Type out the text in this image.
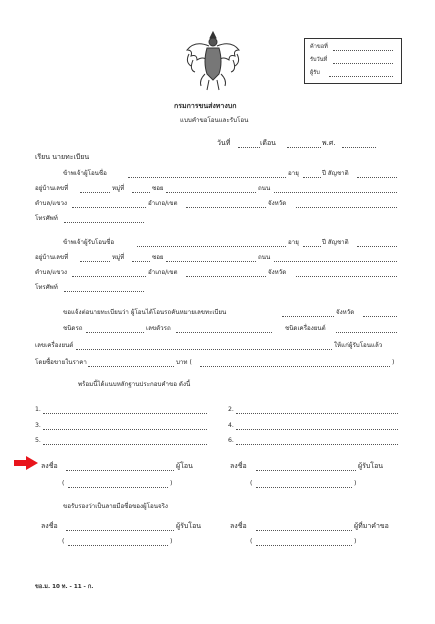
ค้าขอที่
รับวันที่
ผู้รับ
กรมการขนส่งทางบก
แบบคำขอโอนและรับโอน
วันที่	เดือน	พ.ศ.
เรียน นายทะเบียน
ข้าพเจ้าผู้โอนชื่อ	อายุ	ปี สัญชาติ
อยู่บ้านเลขที่	หมู่ที่	ซอย	ถนน
ตำบล/แขวง	อำเภอ/เขต	จังหวัด
โทรศัพท์
ข้าพเจ้าผู้รับโอนชื่อ	อายุ	ปี สัญชาติ
อยู่บ้านเลขที่	หมู่ที่	ซอย	ถนน
ตำบล/แขวง	อำเภอ/เขต	จังหวัด
โทรศัพท์
ขอแจ้งต่อนายทะเบียนว่า ผู้โอนได้โอนรถคันหมายเลขทะเบียน	จังหวัด
ชนิดรถ	เลขตัวรถ	ชนิดเครื่องยนต์
เลขเครื่องยนต์	ให้แก่ผู้รับโอนแล้ว
โดยซื้อขายในราคา	บาท (	)
พร้อมนี้ได้แนบหลักฐานประกอบคำขอ ดังนี้
1.	2.
3.	4.
5.	6.
ลงชื่อ	ผู้โอน	ลงชื่อ	ผู้รับโอน
(	)	(	)
ขอรับรองว่าเป็นลายมือชื่อของผู้โอนจริง
ลงชื่อ	ผู้รับโอน	ลงชื่อ	ผู้ที่มาคำขอ
(	)	(	)
ขอ.ม. 10 ท. - 11 - ก.
